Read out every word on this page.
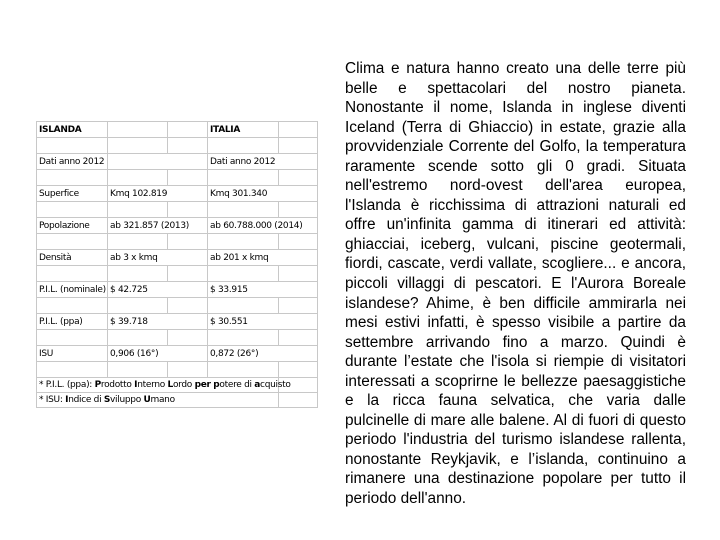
ISLANDA			ITALIA	

Dati anno 2012			Dati anno 2012	

Superfice	Kmq 102.819		Kmq 301.340	

Popolazione	ab 321.857 (2013)		ab 60.788.000 (2014)	

Densità	ab 3 x kmq		ab 201 x kmq	

P.I.L. (nominale)	$ 42.725		$ 33.915	

P.I.L. (ppa)	$ 39.718		$ 30.551	

ISU	0,906 (16°)		0,872 (26°)	

* P.I.L. (ppa): Prodotto Interno Lordo per potere di acquisto				
* ISU: Indice di Sviluppo Umano				

Clima e natura hanno creato una delle terre più belle e spettacolari del nostro pianeta. Nonostante il nome, Islanda in inglese diventi Iceland (Terra di Ghiaccio) in estate, grazie alla provvidenziale Corrente del Golfo, la temperatura raramente scende sotto gli 0 gradi. Situata nell'estremo nord-ovest dell'area europea, l'Islanda è ricchissima di attrazioni naturali ed offre un'infinita gamma di itinerari ed attività: ghiacciai, iceberg, vulcani, piscine geotermali, fiordi, cascate, verdi vallate, scogliere... e ancora, piccoli villaggi di pescatori. E l'Aurora Boreale islandese? Ahime, è ben difficile ammirarla nei mesi estivi infatti, è spesso visibile a partire da settembre arrivando fino a marzo. Quindi è durante l’estate che l'isola si riempie di visitatori interessati a scoprirne le bellezze paesaggistiche e la ricca fauna selvatica, che varia dalle pulcinelle di mare alle balene. Al di fuori di questo periodo l'industria del turismo islandese rallenta, nonostante Reykjavik, e l’islanda, continuino a rimanere una destinazione popolare per tutto il periodo dell'anno.
